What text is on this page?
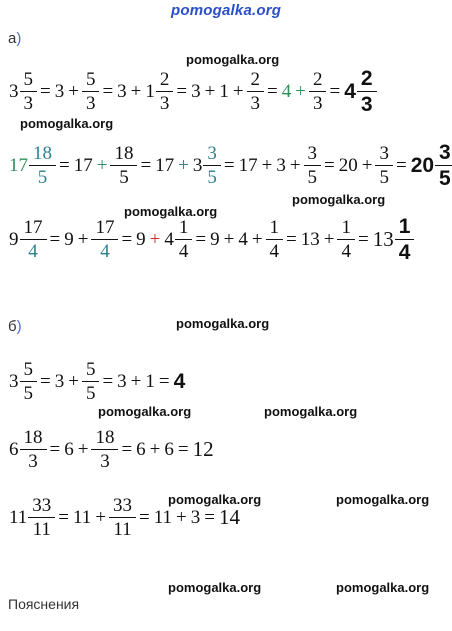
pomogalka.org
а)
pomogalka.org
pomogalka.org
pomogalka.org
pomogalka.org
pomogalka.org
pomogalka.org	pomogalka.org
pomogalka.org	pomogalka.org
pomogalka.org	pomogalka.org
$3 \frac{5}{3} = 3 + \frac{5}{3} = 3 + 1 \frac{2}{3} = 3 + 1 + \frac{2}{3} = 4 + \frac{2}{3} = 4 \frac{2}{3}$
$17 \frac{18}{5} = 17 + \frac{18}{5} = 17 + 3 \frac{3}{5} = 17 + 3 + \frac{3}{5} = 20 + \frac{3}{5} = 20 \frac{3}{5}$
$9 \frac{17}{4} = 9 + \frac{17}{4} = 9 + 4 \frac{1}{4} = 9 + 4 + \frac{1}{4} = 13 + \frac{1}{4} = 13 \frac{1}{4}$
б)
$3 \frac{5}{5} = 3 + \frac{5}{5} = 3 + 1 = 4$
$6 \frac{18}{3} = 6 + \frac{18}{3} = 6 + 6 = 12$
$11 \frac{33}{11} = 11 + \frac{33}{11} = 11 + 3 = 14$
Пояснения
